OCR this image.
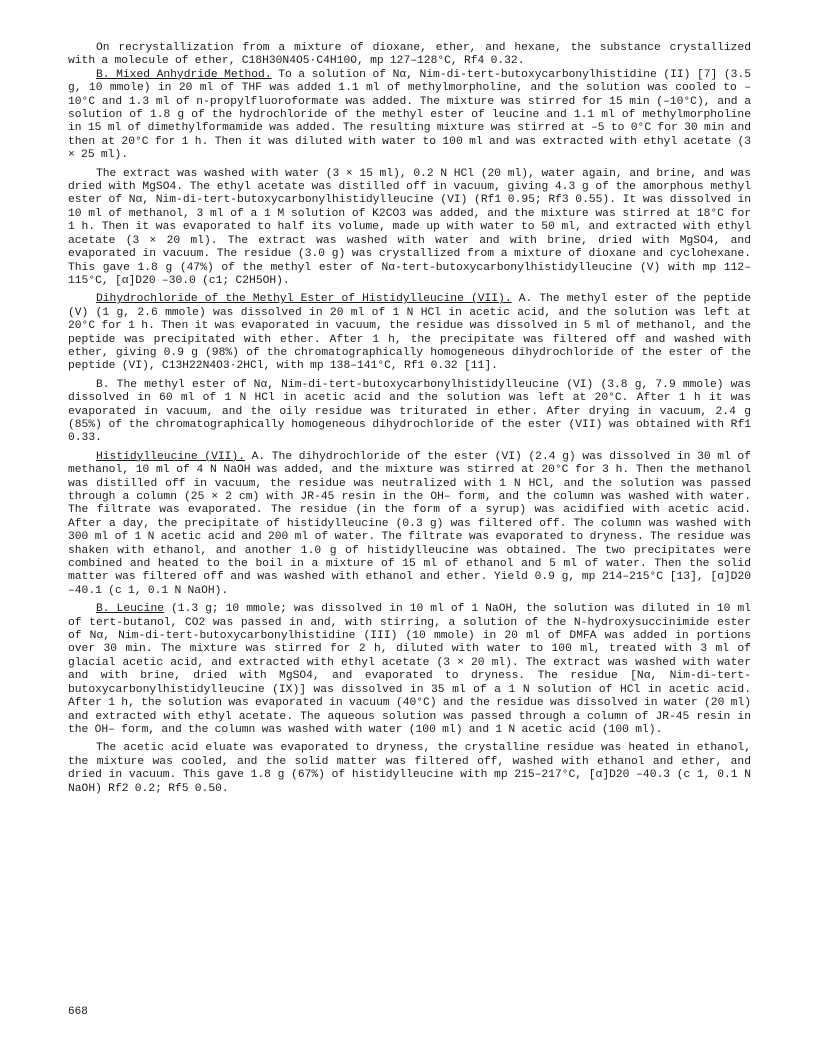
On recrystallization from a mixture of dioxane, ether, and hexane, the substance crystallized with a molecule of ether, C18H30N4O5·C4H10O, mp 127–128°C, Rf4 0.32.

B. Mixed Anhydride Method. To a solution of Nα, Nim-di-tert-butoxycarbonylhistidine (II) [7] (3.5 g, 10 mmole) in 20 ml of THF was added 1.1 ml of methylmorpholine, and the solution was cooled to –10°C and 1.3 ml of n-propylfluoroformate was added. The mixture was stirred for 15 min (–10°C), and a solution of 1.8 g of the hydrochloride of the methyl ester of leucine and 1.1 ml of methylmorpholine in 15 ml of dimethylformamide was added. The resulting mixture was stirred at –5 to 0°C for 30 min and then at 20°C for 1 h. Then it was diluted with water to 100 ml and was extracted with ethyl acetate (3 × 25 ml).

The extract was washed with water (3 × 15 ml), 0.2 N HCl (20 ml), water again, and brine, and was dried with MgSO4. The ethyl acetate was distilled off in vacuum, giving 4.3 g of the amorphous methyl ester of Nα, Nim-di-tert-butoxycarbonylhistidylleucine (VI) (Rf1 0.95; Rf3 0.55). It was dissolved in 10 ml of methanol, 3 ml of a 1 M solution of K2CO3 was added, and the mixture was stirred at 18°C for 1 h. Then it was evaporated to half its volume, made up with water to 50 ml, and extracted with ethyl acetate (3 × 20 ml). The extract was washed with water and with brine, dried with MgSO4, and evaporated in vacuum. The residue (3.0 g) was crystallized from a mixture of dioxane and cyclohexane. This gave 1.8 g (47%) of the methyl ester of Nα-tert-butoxycarbonylhistidylleucine (V) with mp 112–115°C, [α]D20 –30.0 (c1; C2H5OH).

Dihydrochloride of the Methyl Ester of Histidylleucine (VII). A. The methyl ester of the peptide (V) (1 g, 2.6 mmole) was dissolved in 20 ml of 1 N HCl in acetic acid, and the solution was left at 20°C for 1 h. Then it was evaporated in vacuum, the residue was dissolved in 5 ml of methanol, and the peptide was precipitated with ether. After 1 h, the precipitate was filtered off and washed with ether, giving 0.9 g (98%) of the chromatographically homogeneous dihydrochloride of the ester of the peptide (VI), C13H22N4O3·2HCl, with mp 138–141°C, Rf1 0.32 [11].

B. The methyl ester of Nα, Nim-di-tert-butoxycarbonylhistidylleucine (VI) (3.8 g, 7.9 mmole) was dissolved in 60 ml of 1 N HCl in acetic acid and the solution was left at 20°C. After 1 h it was evaporated in vacuum, and the oily residue was triturated in ether. After drying in vacuum, 2.4 g (85%) of the chromatographically homogeneous dihydrochloride of the ester (VII) was obtained with Rf1 0.33.

Histidylleucine (VII). A. The dihydrochloride of the ester (VI) (2.4 g) was dissolved in 30 ml of methanol, 10 ml of 4 N NaOH was added, and the mixture was stirred at 20°C for 3 h. Then the methanol was distilled off in vacuum, the residue was neutralized with 1 N HCl, and the solution was passed through a column (25 × 2 cm) with JR-45 resin in the OH– form, and the column was washed with water. The filtrate was evaporated. The residue (in the form of a syrup) was acidified with acetic acid. After a day, the precipitate of histidylleucine (0.3 g) was filtered off. The column was washed with 300 ml of 1 N acetic acid and 200 ml of water. The filtrate was evaporated to dryness. The residue was shaken with ethanol, and another 1.0 g of histidylleucine was obtained. The two precipitates were combined and heated to the boil in a mixture of 15 ml of ethanol and 5 ml of water. Then the solid matter was filtered off and was washed with ethanol and ether. Yield 0.9 g, mp 214–215°C [13], [α]D20 –40.1 (c 1, 0.1 N NaOH).

B. Leucine (1.3 g; 10 mmole; was dissolved in 10 ml of 1 NaOH, the solution was diluted in 10 ml of tert-butanol, CO2 was passed in and, with stirring, a solution of the N-hydroxysuccinimide ester of Nα, Nim-di-tert-butoxycarbonylhistidine (III) (10 mmole) in 20 ml of DMFA was added in portions over 30 min. The mixture was stirred for 2 h, diluted with water to 100 ml, treated with 3 ml of glacial acetic acid, and extracted with ethyl acetate (3 × 20 ml). The extract was washed with water and with brine, dried with MgSO4, and evaporated to dryness. The residue [Nα, Nim-di-tert-butoxycarbonylhistidylleucine (IX)] was dissolved in 35 ml of a 1 N solution of HCl in acetic acid. After 1 h, the solution was evaporated in vacuum (40°C) and the residue was dissolved in water (20 ml) and extracted with ethyl acetate. The aqueous solution was passed through a column of JR-45 resin in the OH– form, and the column was washed with water (100 ml) and 1 N acetic acid (100 ml).

The acetic acid eluate was evaporated to dryness, the crystalline residue was heated in ethanol, the mixture was cooled, and the solid matter was filtered off, washed with ethanol and ether, and dried in vacuum. This gave 1.8 g (67%) of histidylleucine with mp 215–217°C, [α]D20 –40.3 (c 1, 0.1 N NaOH) Rf2 0.2; Rf5 0.50.

668
